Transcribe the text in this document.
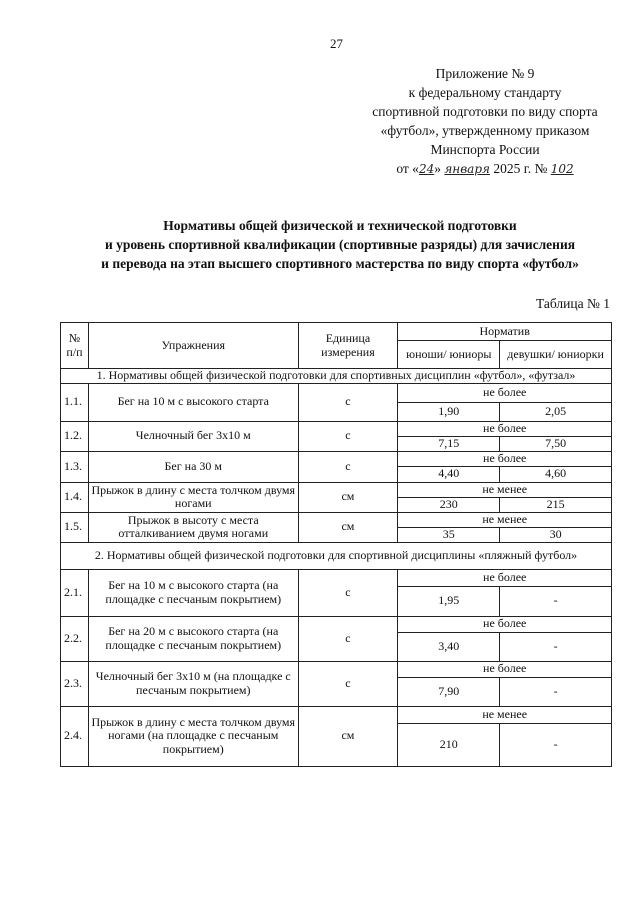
27
Приложение № 9
к федеральному стандарту
спортивной подготовки по виду спорта
«футбол», утвержденному приказом
Минспорта России
от «24» января 2025 г. № 102
Нормативы общей физической и технической подготовки
и уровень спортивной квалификации (спортивные разряды) для зачисления
и перевода на этап высшего спортивного мастерства по виду спорта «футбол»
Таблица № 1
№ п/п	Упражнения	Единица измерения	Норматив	
			юноши/ юниоры	девушки/ юниорки
1. Нормативы общей физической подготовки для спортивных дисциплин «футбол», «футзал»				
1.1.	Бег на 10 м с высокого старта	с	не более	
			1,90	2,05
1.2.	Челночный бег 3х10 м	с	не более	
			7,15	7,50
1.3.	Бег на 30 м	с	не более	
			4,40	4,60
1.4.	Прыжок в длину с места толчком двумя ногами	см	не менее	
			230	215
1.5.	Прыжок в высоту с места отталкиванием двумя ногами	см	не менее	
			35	30
2. Нормативы общей физической подготовки для спортивной дисциплины «пляжный футбол»				
2.1.	Бег на 10 м с высокого старта (на площадке с песчаным покрытием)	с	не более	
			1,95	-
2.2.	Бег на 20 м с высокого старта (на площадке с песчаным покрытием)	с	не более	
			3,40	-
2.3.	Челночный бег 3х10 м (на площадке с песчаным покрытием)	с	не более	
			7,90	-
2.4.	Прыжок в длину с места толчком двумя ногами (на площадке с песчаным покрытием)	см	не менее	
			210	-
